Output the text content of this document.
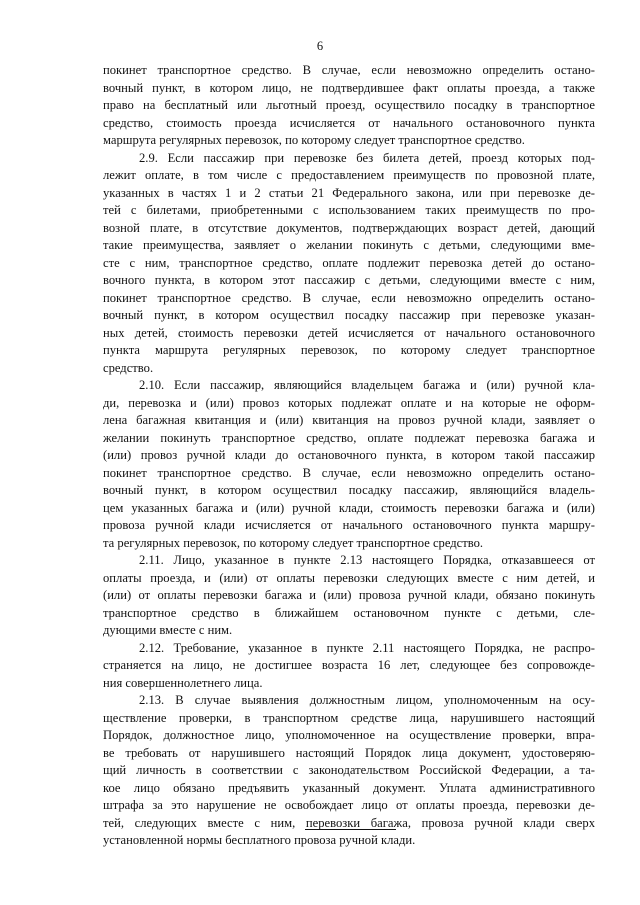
6
покинет транспортное средство. В случае, если невозможно определить остано-
вочный пункт, в котором лицо, не подтвердившее факт оплаты проезда, а также
право на бесплатный или льготный проезд, осуществило посадку в транспортное
средство, стоимость проезда исчисляется от начального остановочного пункта
маршрута регулярных перевозок, по которому следует транспортное средство.
2.9. Если пассажир при перевозке без билета детей, проезд которых под-
лежит оплате, в том числе с предоставлением преимуществ по провозной плате,
указанных в частях 1 и 2 статьи 21 Федерального закона, или при перевозке де-
тей с билетами, приобретенными с использованием таких преимуществ по про-
возной плате, в отсутствие документов, подтверждающих возраст детей, дающий
такие преимущества, заявляет о желании покинуть с детьми, следующими вме-
сте с ним, транспортное средство, оплате подлежит перевозка детей до остано-
вочного пункта, в котором этот пассажир с детьми, следующими вместе с ним,
покинет транспортное средство. В случае, если невозможно определить остано-
вочный пункт, в котором осуществил посадку пассажир при перевозке указан-
ных детей, стоимость перевозки детей исчисляется от начального остановочного
пункта маршрута регулярных перевозок, по которому следует транспортное
средство.
2.10. Если пассажир, являющийся владельцем багажа и (или) ручной кла-
ди, перевозка и (или) провоз которых подлежат оплате и на которые не оформ-
лена багажная квитанция и (или) квитанция на провоз ручной клади, заявляет о
желании покинуть транспортное средство, оплате подлежат перевозка багажа и
(или) провоз ручной клади до остановочного пункта, в котором такой пассажир
покинет транспортное средство. В случае, если невозможно определить остано-
вочный пункт, в котором осуществил посадку пассажир, являющийся владель-
цем указанных багажа и (или) ручной клади, стоимость перевозки багажа и (или)
провоза ручной клади исчисляется от начального остановочного пункта маршру-
та регулярных перевозок, по которому следует транспортное средство.
2.11. Лицо, указанное в пункте 2.13 настоящего Порядка, отказавшееся от
оплаты проезда, и (или) от оплаты перевозки следующих вместе с ним детей, и
(или) от оплаты перевозки багажа и (или) провоза ручной клади, обязано покинуть
транспортное средство в ближайшем остановочном пункте с детьми, сле-
дующими вместе с ним.
2.12. Требование, указанное в пункте 2.11 настоящего Порядка, не распро-
страняется на лицо, не достигшее возраста 16 лет, следующее без сопровожде-
ния совершеннолетнего лица.
2.13. В случае выявления должностным лицом, уполномоченным на осу-
ществление проверки, в транспортном средстве лица, нарушившего настоящий
Порядок, должностное лицо, уполномоченное на осуществление проверки, впра-
ве требовать от нарушившего настоящий Порядок лица документ, удостоверяю-
щий личность в соответствии с законодательством Российской Федерации, а та-
кое лицо обязано предъявить указанный документ. Уплата административного
штрафа за это нарушение не освобождает лицо от оплаты проезда, перевозки де-
тей, следующих вместе с ним, перевозки багажа, провоза ручной клади сверх
установленной нормы бесплатного провоза ручной клади.
